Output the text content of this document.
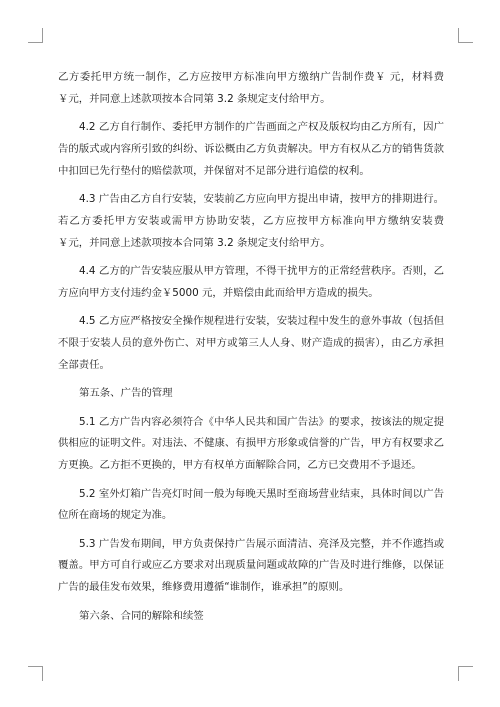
乙方委托甲方统一制作，乙方应按甲方标准向甲方缴纳广告制作费￥ 元，材料费￥元，并同意上述款项按本合同第 3.2 条规定支付给甲方。

4.2 乙方自行制作、委托甲方制作的广告画面之产权及版权均由乙方所有，因广告的版式或内容所引致的纠纷、诉讼概由乙方负责解决。甲方有权从乙方的销售货款中扣回已先行垫付的赔偿款项，并保留对不足部分进行追偿的权利。

4.3 广告由乙方自行安装，安装前乙方应向甲方提出申请，按甲方的排期进行。若乙方委托甲方安装或需甲方协助安装，乙方应按甲方标准向甲方缴纳安装费 ￥元，并同意上述款项按本合同第 3.2 条规定支付给甲方。

4.4 乙方的广告安装应服从甲方管理，不得干扰甲方的正常经营秩序。否则，乙方应向甲方支付违约金￥5000 元，并赔偿由此而给甲方造成的损失。

4.5 乙方应严格按安全操作规程进行安装，安装过程中发生的意外事故（包括但不限于安装人员的意外伤亡、对甲方或第三人人身、财产造成的损害），由乙方承担全部责任。

第五条、广告的管理

5.1 乙方广告内容必须符合《中华人民共和国广告法》的要求，按该法的规定提供相应的证明文件。对违法、不健康、有损甲方形象或信誉的广告，甲方有权要求乙方更换。乙方拒不更换的，甲方有权单方面解除合同，乙方已交费用不予退还。

5.2 室外灯箱广告亮灯时间一般为每晚天黑时至商场营业结束，具体时间以广告位所在商场的规定为准。

5.3 广告发布期间，甲方负责保持广告展示面清洁、亮泽及完整，并不作遮挡或覆盖。甲方可自行或应乙方要求对出现质量问题或故障的广告及时进行维修，以保证广告的最佳发布效果，维修费用遵循“谁制作，谁承担”的原则。

第六条、合同的解除和续签
